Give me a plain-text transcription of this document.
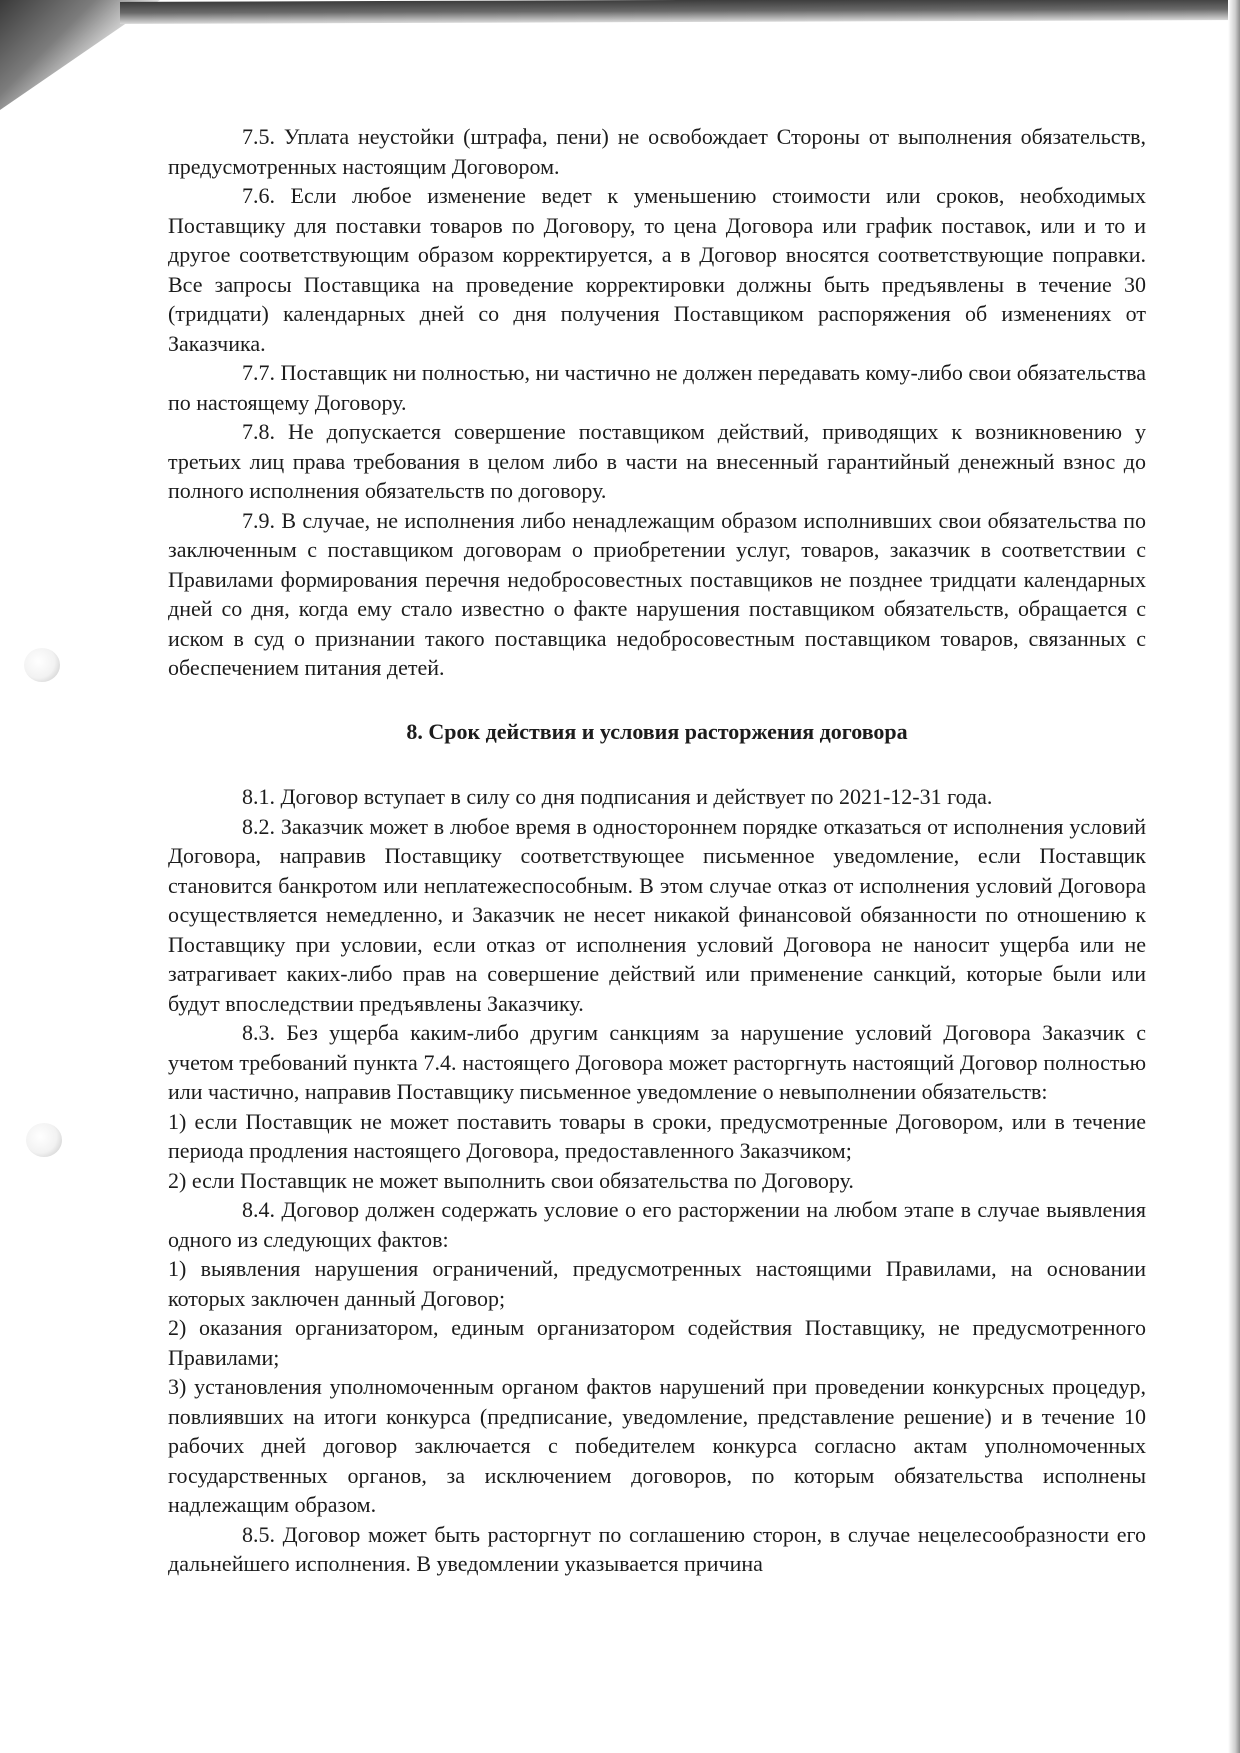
7.5. Уплата неустойки (штрафа, пени) не освобождает Стороны от выполнения обязательств, предусмотренных настоящим Договором.

7.6. Если любое изменение ведет к уменьшению стоимости или сроков, необходимых Поставщику для поставки товаров по Договору, то цена Договора или график поставок, или и то и другое соответствующим образом корректируется, а в Договор вносятся соответствующие поправки. Все запросы Поставщика на проведение корректировки должны быть предъявлены в течение 30 (тридцати) календарных дней со дня получения Поставщиком распоряжения об изменениях от Заказчика.

7.7. Поставщик ни полностью, ни частично не должен передавать кому-либо свои обязательства по настоящему Договору.

7.8. Не допускается совершение поставщиком действий, приводящих к возникновению у третьих лиц права требования в целом либо в части на внесенный гарантийный денежный взнос до полного исполнения обязательств по договору.

7.9. В случае, не исполнения либо ненадлежащим образом исполнивших свои обязательства по заключенным с поставщиком договорам о приобретении услуг, товаров, заказчик в соответствии с Правилами формирования перечня недобросовестных поставщиков не позднее тридцати календарных дней со дня, когда ему стало известно о факте нарушения поставщиком обязательств, обращается с иском в суд о признании такого поставщика недобросовестным поставщиком товаров, связанных с обеспечением питания детей.

8. Срок действия и условия расторжения договора

8.1. Договор вступает в силу со дня подписания и действует по 2021-12-31 года.

8.2. Заказчик может в любое время в одностороннем порядке отказаться от исполнения условий Договора, направив Поставщику соответствующее письменное уведомление, если Поставщик становится банкротом или неплатежеспособным. В этом случае отказ от исполнения условий Договора осуществляется немедленно, и Заказчик не несет никакой финансовой обязанности по отношению к Поставщику при условии, если отказ от исполнения условий Договора не наносит ущерба или не затрагивает каких-либо прав на совершение действий или применение санкций, которые были или будут впоследствии предъявлены Заказчику.

8.3. Без ущерба каким-либо другим санкциям за нарушение условий Договора Заказчик с учетом требований пункта 7.4. настоящего Договора может расторгнуть настоящий Договор полностью или частично, направив Поставщику письменное уведомление о невыполнении обязательств:

1) если Поставщик не может поставить товары в сроки, предусмотренные Договором, или в течение периода продления настоящего Договора, предоставленного Заказчиком;

2) если Поставщик не может выполнить свои обязательства по Договору.

8.4. Договор должен содержать условие о его расторжении на любом этапе в случае выявления одного из следующих фактов:

1) выявления нарушения ограничений, предусмотренных настоящими Правилами, на основании которых заключен данный Договор;

2) оказания организатором, единым организатором содействия Поставщику, не предусмотренного Правилами;

3) установления уполномоченным органом фактов нарушений при проведении конкурсных процедур, повлиявших на итоги конкурса (предписание, уведомление, представление решение) и в течение 10 рабочих дней договор заключается с победителем конкурса согласно актам уполномоченных государственных органов, за исключением договоров, по которым обязательства исполнены надлежащим образом.

8.5. Договор может быть расторгнут по соглашению сторон, в случае нецелесообразности его дальнейшего исполнения. В уведомлении указывается причина
